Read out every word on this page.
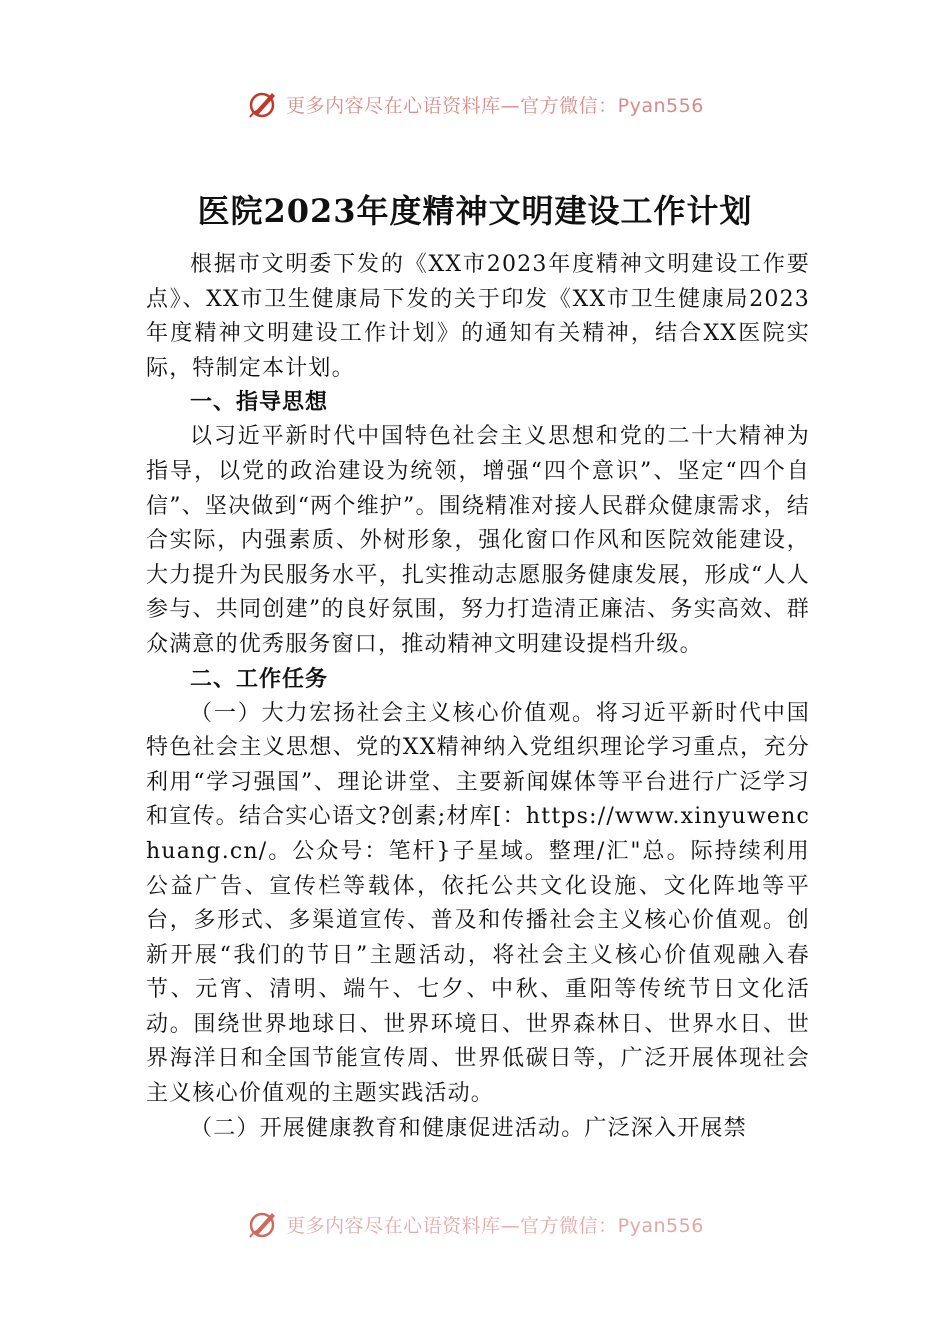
更多内容尽在心语资料库—官方微信：Pyan556
医院2023年度精神文明建设工作计划

根据市文明委下发的《XX市2023年度精神文明建设工作要点》、XX市卫生健康局下发的关于印发《XX市卫生健康局2023年度精神文明建设工作计划》的通知有关精神，结合XX医院实际，特制定本计划。

一、指导思想

以习近平新时代中国特色社会主义思想和党的二十大精神为指导，以党的政治建设为统领，增强“四个意识”、坚定“四个自信”、坚决做到“两个维护”。围绕精准对接人民群众健康需求，结合实际，内强素质、外树形象，强化窗口作风和医院效能建设，大力提升为民服务水平，扎实推动志愿服务健康发展，形成“人人参与、共同创建”的良好氛围，努力打造清正廉洁、务实高效、群众满意的优秀服务窗口，推动精神文明建设提档升级。

二、工作任务

（一）大力宏扬社会主义核心价值观。将习近平新时代中国特色社会主义思想、党的XX精神纳入党组织理论学习重点，充分利用“学习强国”、理论讲堂、主要新闻媒体等平台进行广泛学习和宣传。结合实心语文?创素;材库[：https://www.xinyuwenchuang.cn/。公众号：笔杆}子星域。整理/汇"总。际持续利用公益广告、宣传栏等载体，依托公共文化设施、文化阵地等平台，多形式、多渠道宣传、普及和传播社会主义核心价值观。创新开展“我们的节日”主题活动，将社会主义核心价值观融入春节、元宵、清明、端午、七夕、中秋、重阳等传统节日文化活动。围绕世界地球日、世界环境日、世界森林日、世界水日、世界海洋日和全国节能宣传周、世界低碳日等，广泛开展体现社会主义核心价值观的主题实践活动。

（二）开展健康教育和健康促进活动。广泛深入开展禁

更多内容尽在心语资料库—官方微信：Pyan556
